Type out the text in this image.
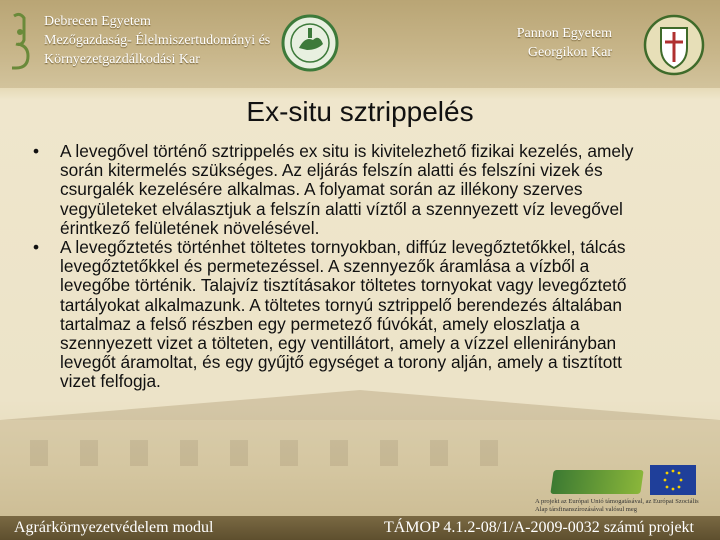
Debrecen Egyetem
Mezőgazdaság- Élelmiszertudományi és
Környezetgazdálkodási Kar
Pannon Egyetem
Georgikon Kar
Ex-situ sztrippelés
• A levegővel történő sztrippelés ex situ is kivitelezhető fizikai kezelés, amely során kitermelés szükséges. Az eljárás felszín alatti és felszíni vizek és csurgalék kezelésére alkalmas. A folyamat során az illékony szerves vegyületeket elválasztjuk a felszín alatti víztől a szennyezett víz levegővel érintkező felületének növelésével.
• A levegőztetés történhet töltetes tornyokban, diffúz levegőztetőkkel, tálcás levegőztetőkkel és permetezéssel. A szennyezők áramlása a vízből a levegőbe történik. Talajvíz tisztításakor töltetes tornyokat vagy levegőztető tartályokat alkalmazunk. A töltetes tornyú sztrippelő berendezés általában tartalmaz a felső részben egy permetező fúvókát, amely eloszlatja a szennyezett vizet a tölteten, egy ventillátort, amely a vízzel ellenirányban levegőt áramoltat, és egy gyűjtő egységet a torony alján, amely a tisztított vizet felfogja.
A projekt az Európai Unió támogatásával, az Európai Szociális Alap társfinanszírozásával valósul meg
Agrárkörnyezetvédelem modul	TÁMOP 4.1.2-08/1/A-2009-0032 számú projekt
